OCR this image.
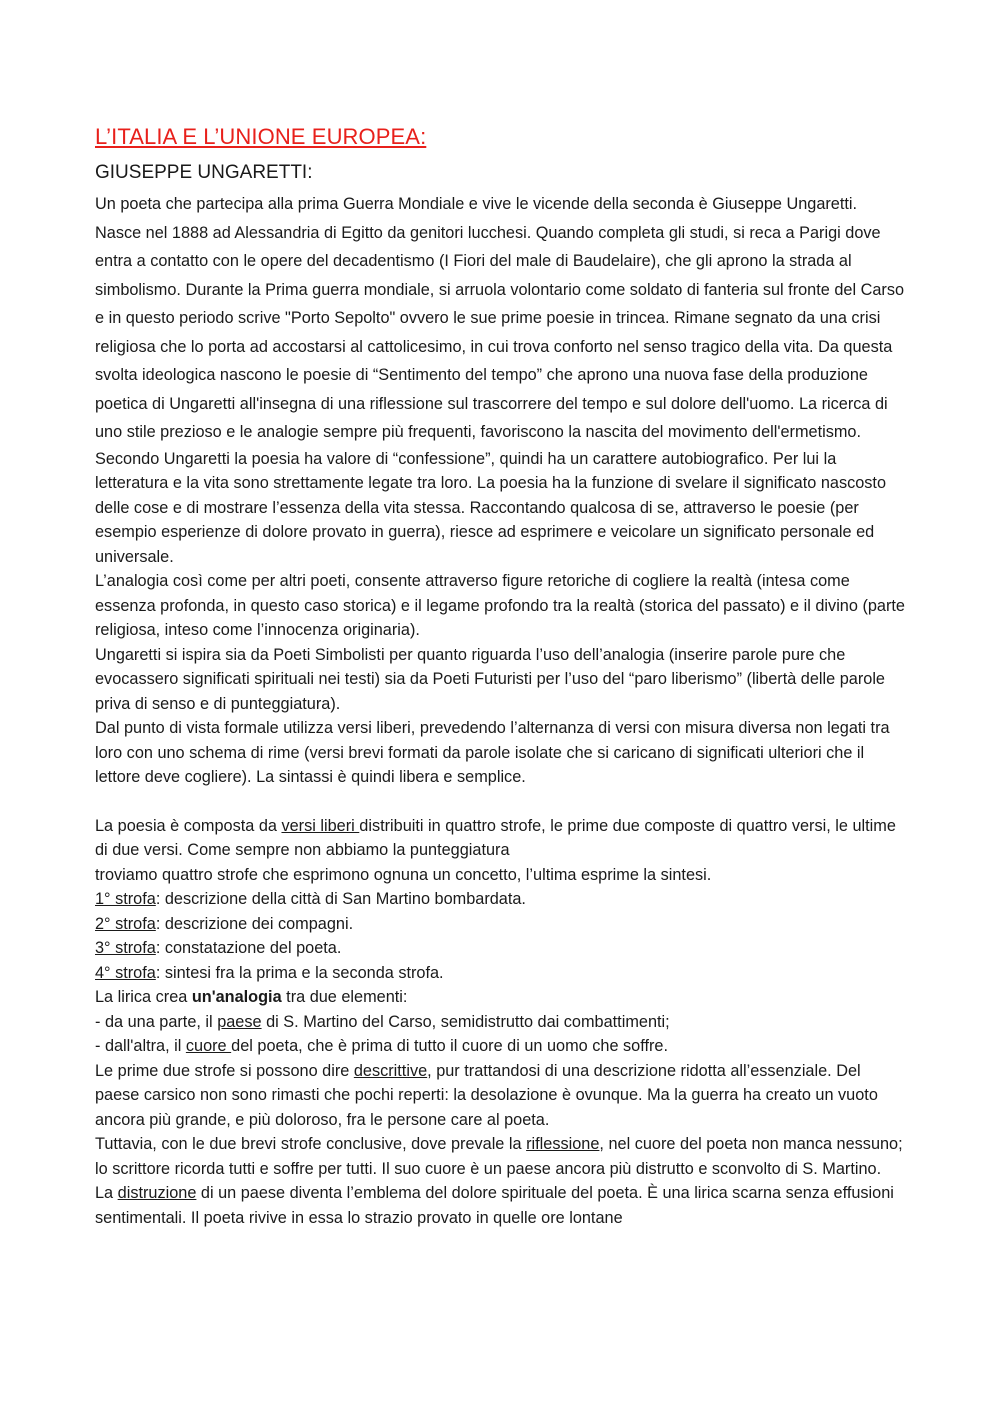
L’ITALIA E L’UNIONE EUROPEA:
GIUSEPPE UNGARETTI:

Un poeta che partecipa alla prima Guerra Mondiale e vive le vicende della seconda è Giuseppe Ungaretti. Nasce nel 1888 ad Alessandria di Egitto da genitori lucchesi. Quando completa gli studi, si reca a Parigi dove entra a contatto con le opere del decadentismo (I Fiori del male di Baudelaire), che gli aprono la strada al simbolismo. Durante la Prima guerra mondiale, si arruola volontario come soldato di fanteria sul fronte del Carso e in questo periodo scrive "Porto Sepolto" ovvero le sue prime poesie in trincea. Rimane segnato da una crisi religiosa che lo porta ad accostarsi al cattolicesimo, in cui trova conforto nel senso tragico della vita. Da questa svolta ideologica nascono le poesie di “Sentimento del tempo” che aprono una nuova fase della produzione poetica di Ungaretti all'insegna di una riflessione sul trascorrere del tempo e sul dolore dell'uomo. La ricerca di uno stile prezioso e le analogie sempre più frequenti, favoriscono la nascita del movimento dell'ermetismo.

Secondo Ungaretti la poesia ha valore di “confessione”, quindi ha un carattere autobiografico. Per lui la letteratura e la vita sono strettamente legate tra loro. La poesia ha la funzione di svelare il significato nascosto delle cose e di mostrare l’essenza della vita stessa. Raccontando qualcosa di se, attraverso le poesie (per esempio esperienze di dolore provato in guerra), riesce ad esprimere e veicolare un significato personale ed universale.

L’analogia così come per altri poeti, consente attraverso figure retoriche di cogliere la realtà (intesa come essenza profonda, in questo caso storica) e il legame profondo tra la realtà (storica del passato) e il divino (parte religiosa, inteso come l’innocenza originaria).

Ungaretti si ispira sia da Poeti Simbolisti per quanto riguarda l’uso dell’analogia (inserire parole pure che evocassero significati spirituali nei testi) sia da Poeti Futuristi per l’uso del “paro liberismo” (libertà delle parole priva di senso e di punteggiatura).

Dal punto di vista formale utilizza versi liberi, prevedendo l’alternanza di versi con misura diversa non legati tra loro con uno schema di rime (versi brevi formati da parole isolate che si caricano di significati ulteriori che il lettore deve cogliere). La sintassi è quindi libera e semplice.

La poesia è composta da versi liberi distribuiti in quattro strofe, le prime due composte di quattro versi, le ultime di due versi. Come sempre non abbiamo la punteggiatura

troviamo quattro strofe che esprimono ognuna un concetto, l’ultima esprime la sintesi.

1° strofa: descrizione della città di San Martino bombardata.

2° strofa: descrizione dei compagni.

3° strofa: constatazione del poeta.

4° strofa: sintesi fra la prima e la seconda strofa.

La lirica crea un'analogia tra due elementi:

- da una parte, il paese di S. Martino del Carso, semidistrutto dai combattimenti;

- dall'altra, il cuore del poeta, che è prima di tutto il cuore di un uomo che soffre.

Le prime due strofe si possono dire descrittive, pur trattandosi di una descrizione ridotta all’essenziale. Del paese carsico non sono rimasti che pochi reperti: la desolazione è ovunque. Ma la guerra ha creato un vuoto ancora più grande, e più doloroso, fra le persone care al poeta.

Tuttavia, con le due brevi strofe conclusive, dove prevale la riflessione, nel cuore del poeta non manca nessuno; lo scrittore ricorda tutti e soffre per tutti. Il suo cuore è un paese ancora più distrutto e sconvolto di S. Martino.

La distruzione di un paese diventa l’emblema del dolore spirituale del poeta. È una lirica scarna senza effusioni sentimentali. Il poeta rivive in essa lo strazio provato in quelle ore lontane
